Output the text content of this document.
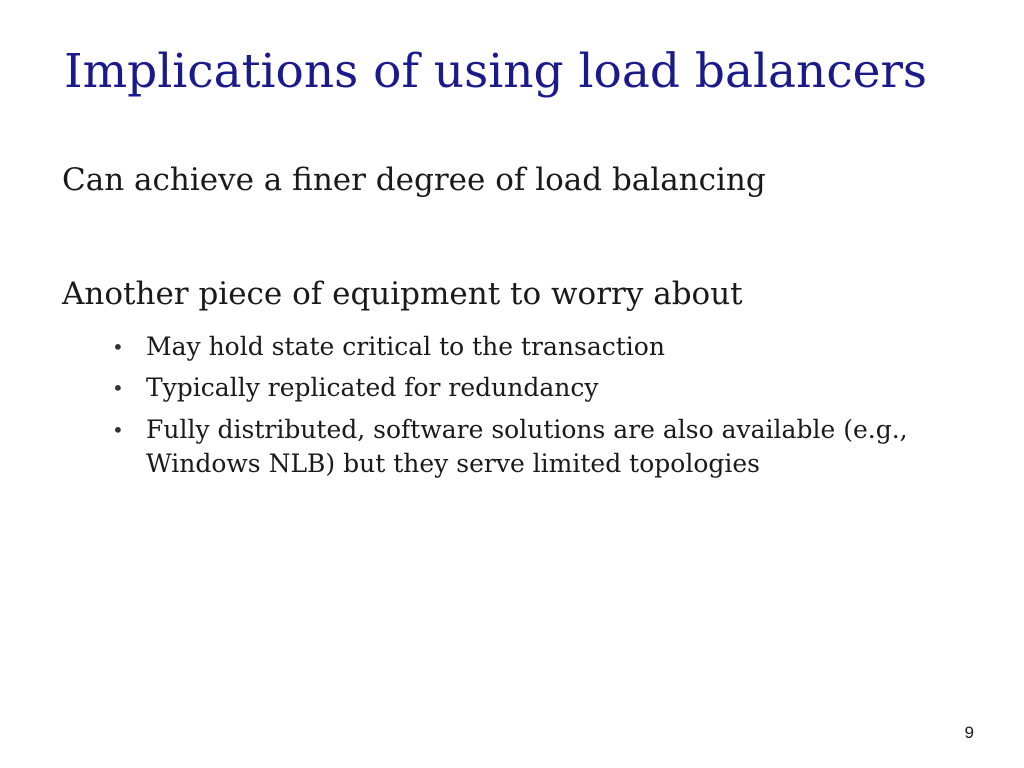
Implications of using load balancers

Can achieve a finer degree of load balancing

Another piece of equipment to worry about

• May hold state critical to the transaction
• Typically replicated for redundancy
• Fully distributed, software solutions are also available (e.g., Windows NLB) but they serve limited topologies
9
